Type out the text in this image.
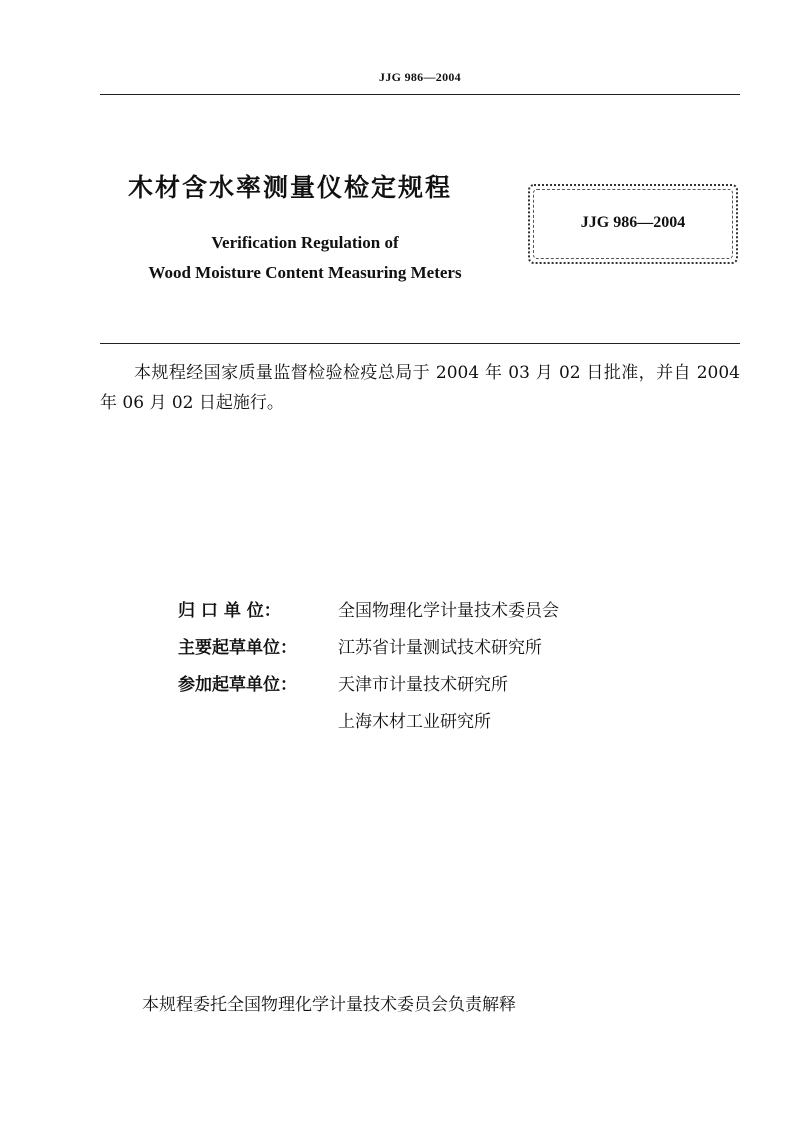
JJG 986—2004
木材含水率测量仪检定规程
Verification Regulation of
Wood Moisture Content Measuring Meters
JJG 986—2004

本规程经国家质量监督检验检疫总局于 2004 年 03 月 02 日批准，并自 2004 年 06 月 02 日起施行。

归 口 单 位：	全国物理化学计量技术委员会
主要起草单位：	江苏省计量测试技术研究所
参加起草单位：	天津市计量技术研究所
上海木材工业研究所
本规程委托全国物理化学计量技术委员会负责解释
